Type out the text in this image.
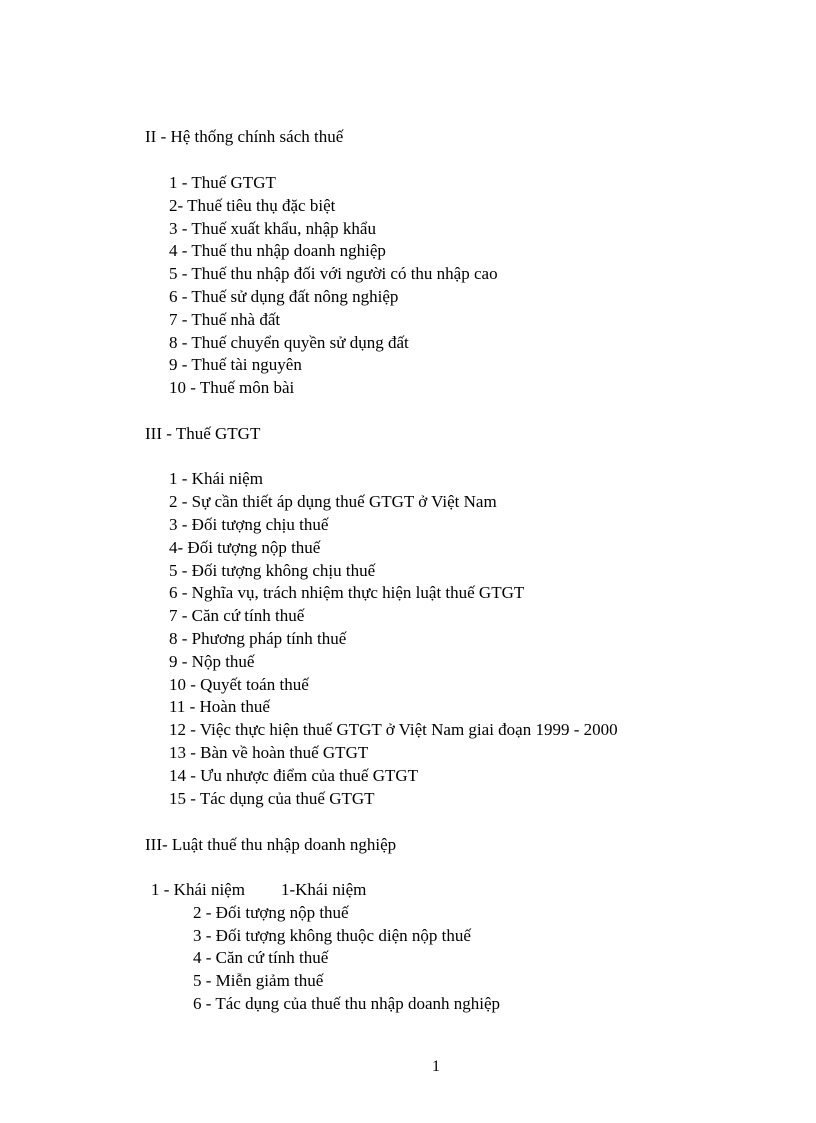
II - Hệ thống chính sách thuế
1 - Thuế GTGT
2- Thuế tiêu thụ đặc biệt
3 - Thuế xuất khẩu, nhập khẩu
4 - Thuế thu nhập doanh nghiệp
5 - Thuế thu nhập đối với người có thu nhập cao
6 - Thuế sử dụng đất nông nghiệp
7 - Thuế nhà đất
8 - Thuế chuyển quyền sử dụng đất
9 - Thuế tài nguyên
10 - Thuế môn bài
III - Thuế GTGT
1 - Khái niệm
2 - Sự cần thiết áp dụng thuế GTGT ở Việt Nam
3 - Đối tượng chịu thuế
4- Đối tượng nộp thuế
5 - Đối tượng không chịu thuế
6 - Nghĩa vụ, trách nhiệm thực hiện luật thuế GTGT
7 - Căn cứ tính thuế
8 - Phương pháp tính thuế
9 - Nộp thuế
10 - Quyết toán thuế
11 - Hoàn thuế
12 - Việc thực hiện thuế GTGT ở Việt Nam giai đoạn 1999 - 2000
13 - Bàn về hoàn thuế GTGT
14 - Ưu nhược điểm của thuế GTGT
15 - Tác dụng của thuế GTGT
III- Luật thuế thu nhập doanh nghiệp
1 - Khái niệm 1-Khái niệm
2 - Đối tượng nộp thuế
3 - Đối tượng không thuộc diện nộp thuế
4 - Căn cứ tính thuế
5 - Miễn giảm thuế
6 - Tác dụng của thuế thu nhập doanh nghiệp
1
